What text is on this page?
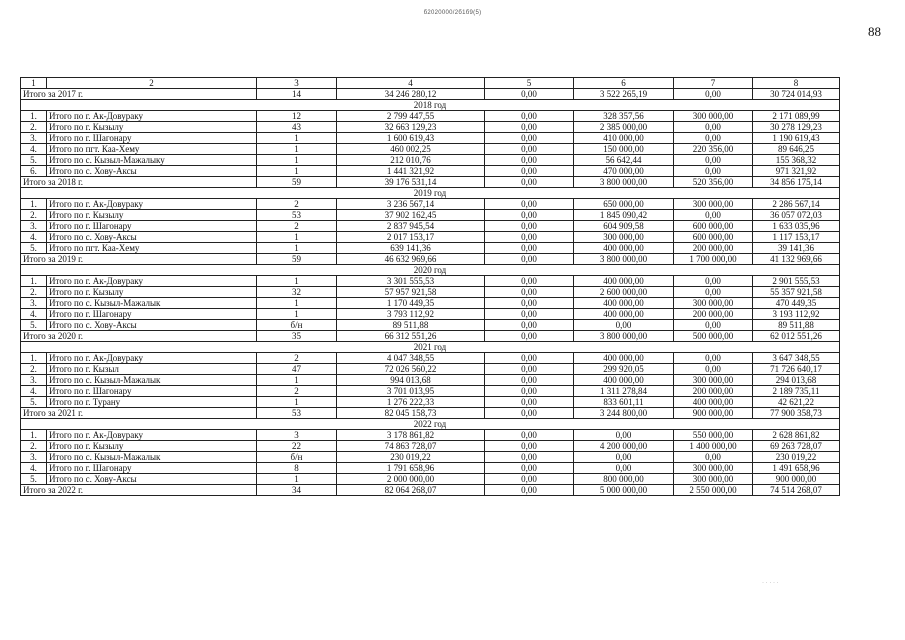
б2020000/2б1б9(5)
88
1	2	3	4	5	6	7	8
Итого за 2017 г.		14	34 246 280,12	0,00	3 522 265,19	0,00	30 724 014,93
2018 год							
1.	Итого по г. Ак-Довураку	12	2 799 447,55	0,00	328 357,56	300 000,00	2 171 089,99
2.	Итого по г. Кызылу	43	32 663 129,23	0,00	2 385 000,00	0,00	30 278 129,23
3.	Итого по г. Шагонару	1	1 600 619,43	0,00	410 000,00	0,00	1 190 619,43
4.	Итого по пгт. Каа-Хему	1	460 002,25	0,00	150 000,00	220 356,00	89 646,25
5.	Итого по с. Кызыл-Мажалыку	1	212 010,76	0,00	56 642,44	0,00	155 368,32
6.	Итого по с. Хову-Аксы	1	1 441 321,92	0,00	470 000,00	0,00	971 321,92
Итого за 2018 г.		59	39 176 531,14	0,00	3 800 000,00	520 356,00	34 856 175,14
2019 год							
1.	Итого по г. Ак-Довураку	2	3 236 567,14	0,00	650 000,00	300 000,00	2 286 567,14
2.	Итого по г. Кызылу	53	37 902 162,45	0,00	1 845 090,42	0,00	36 057 072,03
3.	Итого по г. Шагонару	2	2 837 945,54	0,00	604 909,58	600 000,00	1 633 035,96
4.	Итого по с. Хову-Аксы	1	2 017 153,17	0,00	300 000,00	600 000,00	1 117 153,17
5.	Итого по пгт. Каа-Хему	1	639 141,36	0,00	400 000,00	200 000,00	39 141,36
Итого за 2019 г.		59	46 632 969,66	0,00	3 800 000,00	1 700 000,00	41 132 969,66
2020 год							
1.	Итого по г. Ак-Довураку	1	3 301 555,53	0,00	400 000,00	0,00	2 901 555,53
2.	Итого по г. Кызылу	32	57 957 921,58	0,00	2 600 000,00	0,00	55 357 921,58
3.	Итого по с. Кызыл-Мажалык	1	1 170 449,35	0,00	400 000,00	300 000,00	470 449,35
4.	Итого по г. Шагонару	1	3 793 112,92	0,00	400 000,00	200 000,00	3 193 112,92
5.	Итого по с. Хову-Аксы	б/н	89 511,88	0,00	0,00	0,00	89 511,88
Итого за 2020 г.		35	66 312 551,26	0,00	3 800 000,00	500 000,00	62 012 551,26
2021 год							
1.	Итого по г. Ак-Довураку	2	4 047 348,55	0,00	400 000,00	0,00	3 647 348,55
2.	Итого по г. Кызыл	47	72 026 560,22	0,00	299 920,05	0,00	71 726 640,17
3.	Итого по с. Кызыл-Мажалык	1	994 013,68	0,00	400 000,00	300 000,00	294 013,68
4.	Итого по г. Шагонару	2	3 701 013,95	0,00	1 311 278,84	200 000,00	2 189 735,11
5.	Итого по г. Турану	1	1 276 222,33	0,00	833 601,11	400 000,00	42 621,22
Итого за 2021 г.		53	82 045 158,73	0,00	3 244 800,00	900 000,00	77 900 358,73
2022 год							
1.	Итого по г. Ак-Довураку	3	3 178 861,82	0,00	0,00	550 000,00	2 628 861,82
2.	Итого по г. Кызылу	22	74 863 728,07	0,00	4 200 000,00	1 400 000,00	69 263 728,07
3.	Итого по с. Кызыл-Мажалык	б/н	230 019,22	0,00	0,00	0,00	230 019,22
4.	Итого по г. Шагонару	8	1 791 658,96	0,00	0,00	300 000,00	1 491 658,96
5.	Итого по с. Хову-Аксы	1	2 000 000,00	0,00	800 000,00	300 000,00	900 000,00
Итого за 2022 г.		34	82 064 268,07	0,00	5 000 000,00	2 550 000,00	74 514 268,07
· · · · ·
